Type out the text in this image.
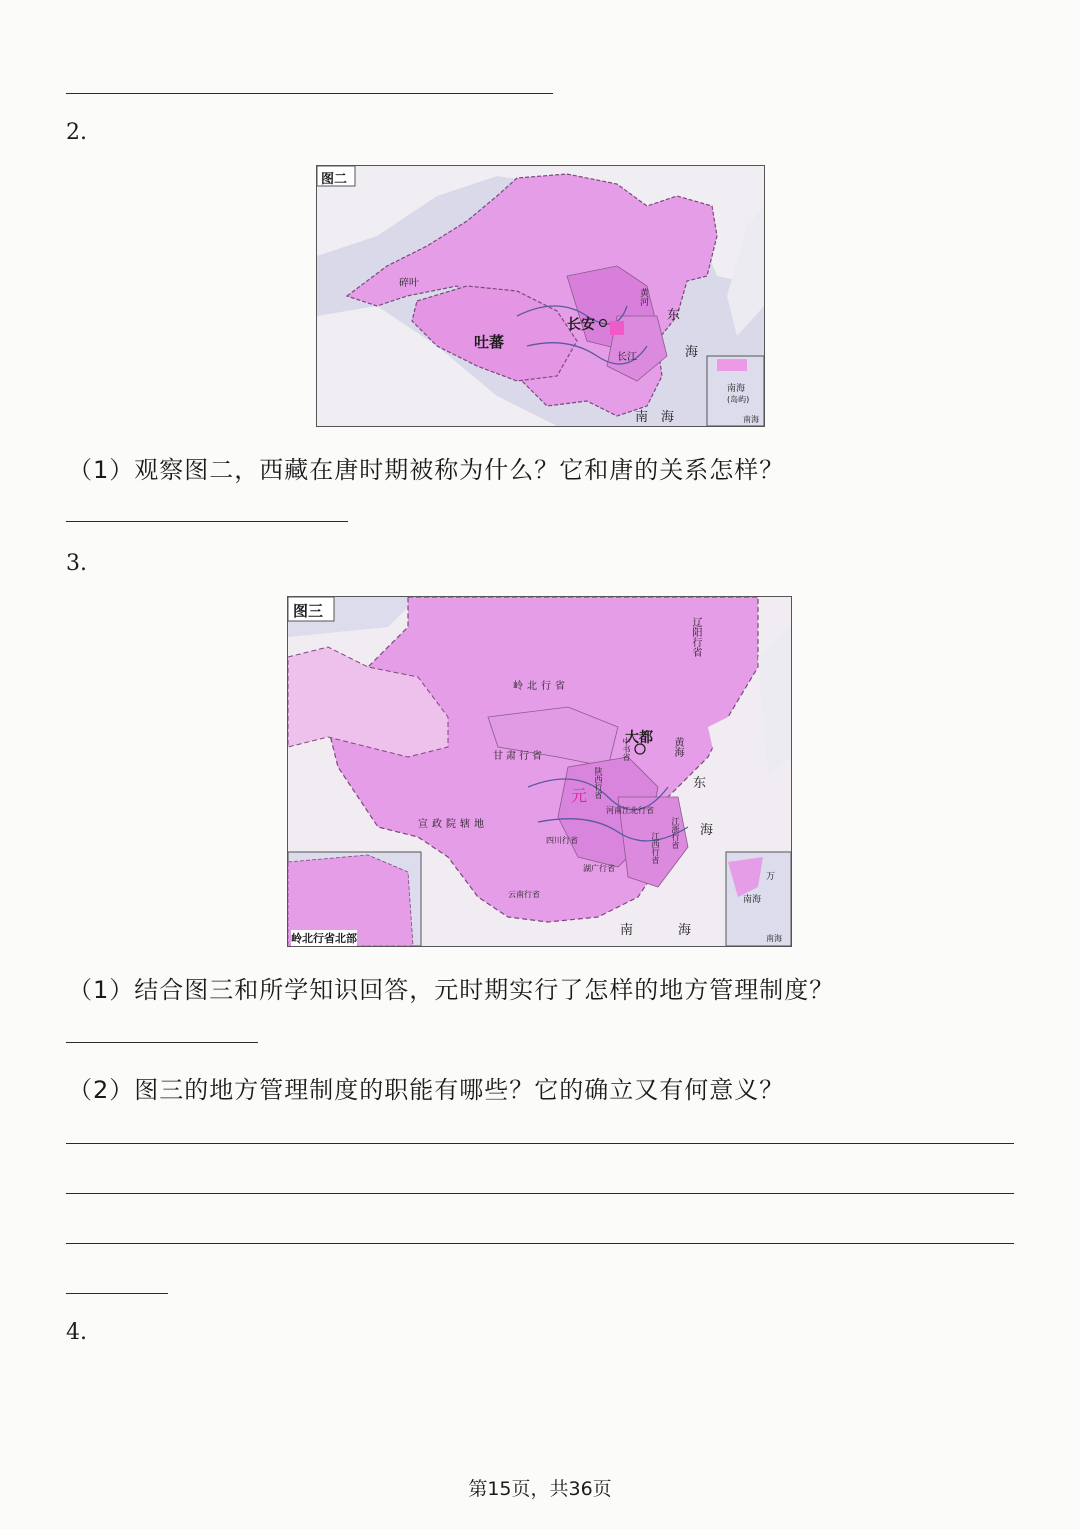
2.
图二
吐蕃
长安
碎叶
黄河
长江
东
海
南 海
南海
(岛屿)
南海
（1）观察图二，西藏在唐时期被称为什么？它和唐的关系怎样？
3.
图三
大都
元
岭北行省
辽阳行省
甘肃行省
宣政院辖地
中书省
陕西行省
河南江北行省
四川行省
湖广行省
江西行省 江浙行省
云南行省
黄海
东
海
南	海
岭北行省北部
万
南海
南海
（1）结合图三和所学知识回答，元时期实行了怎样的地方管理制度？
（2）图三的地方管理制度的职能有哪些？它的确立又有何意义？
4.
第15页，共36页
